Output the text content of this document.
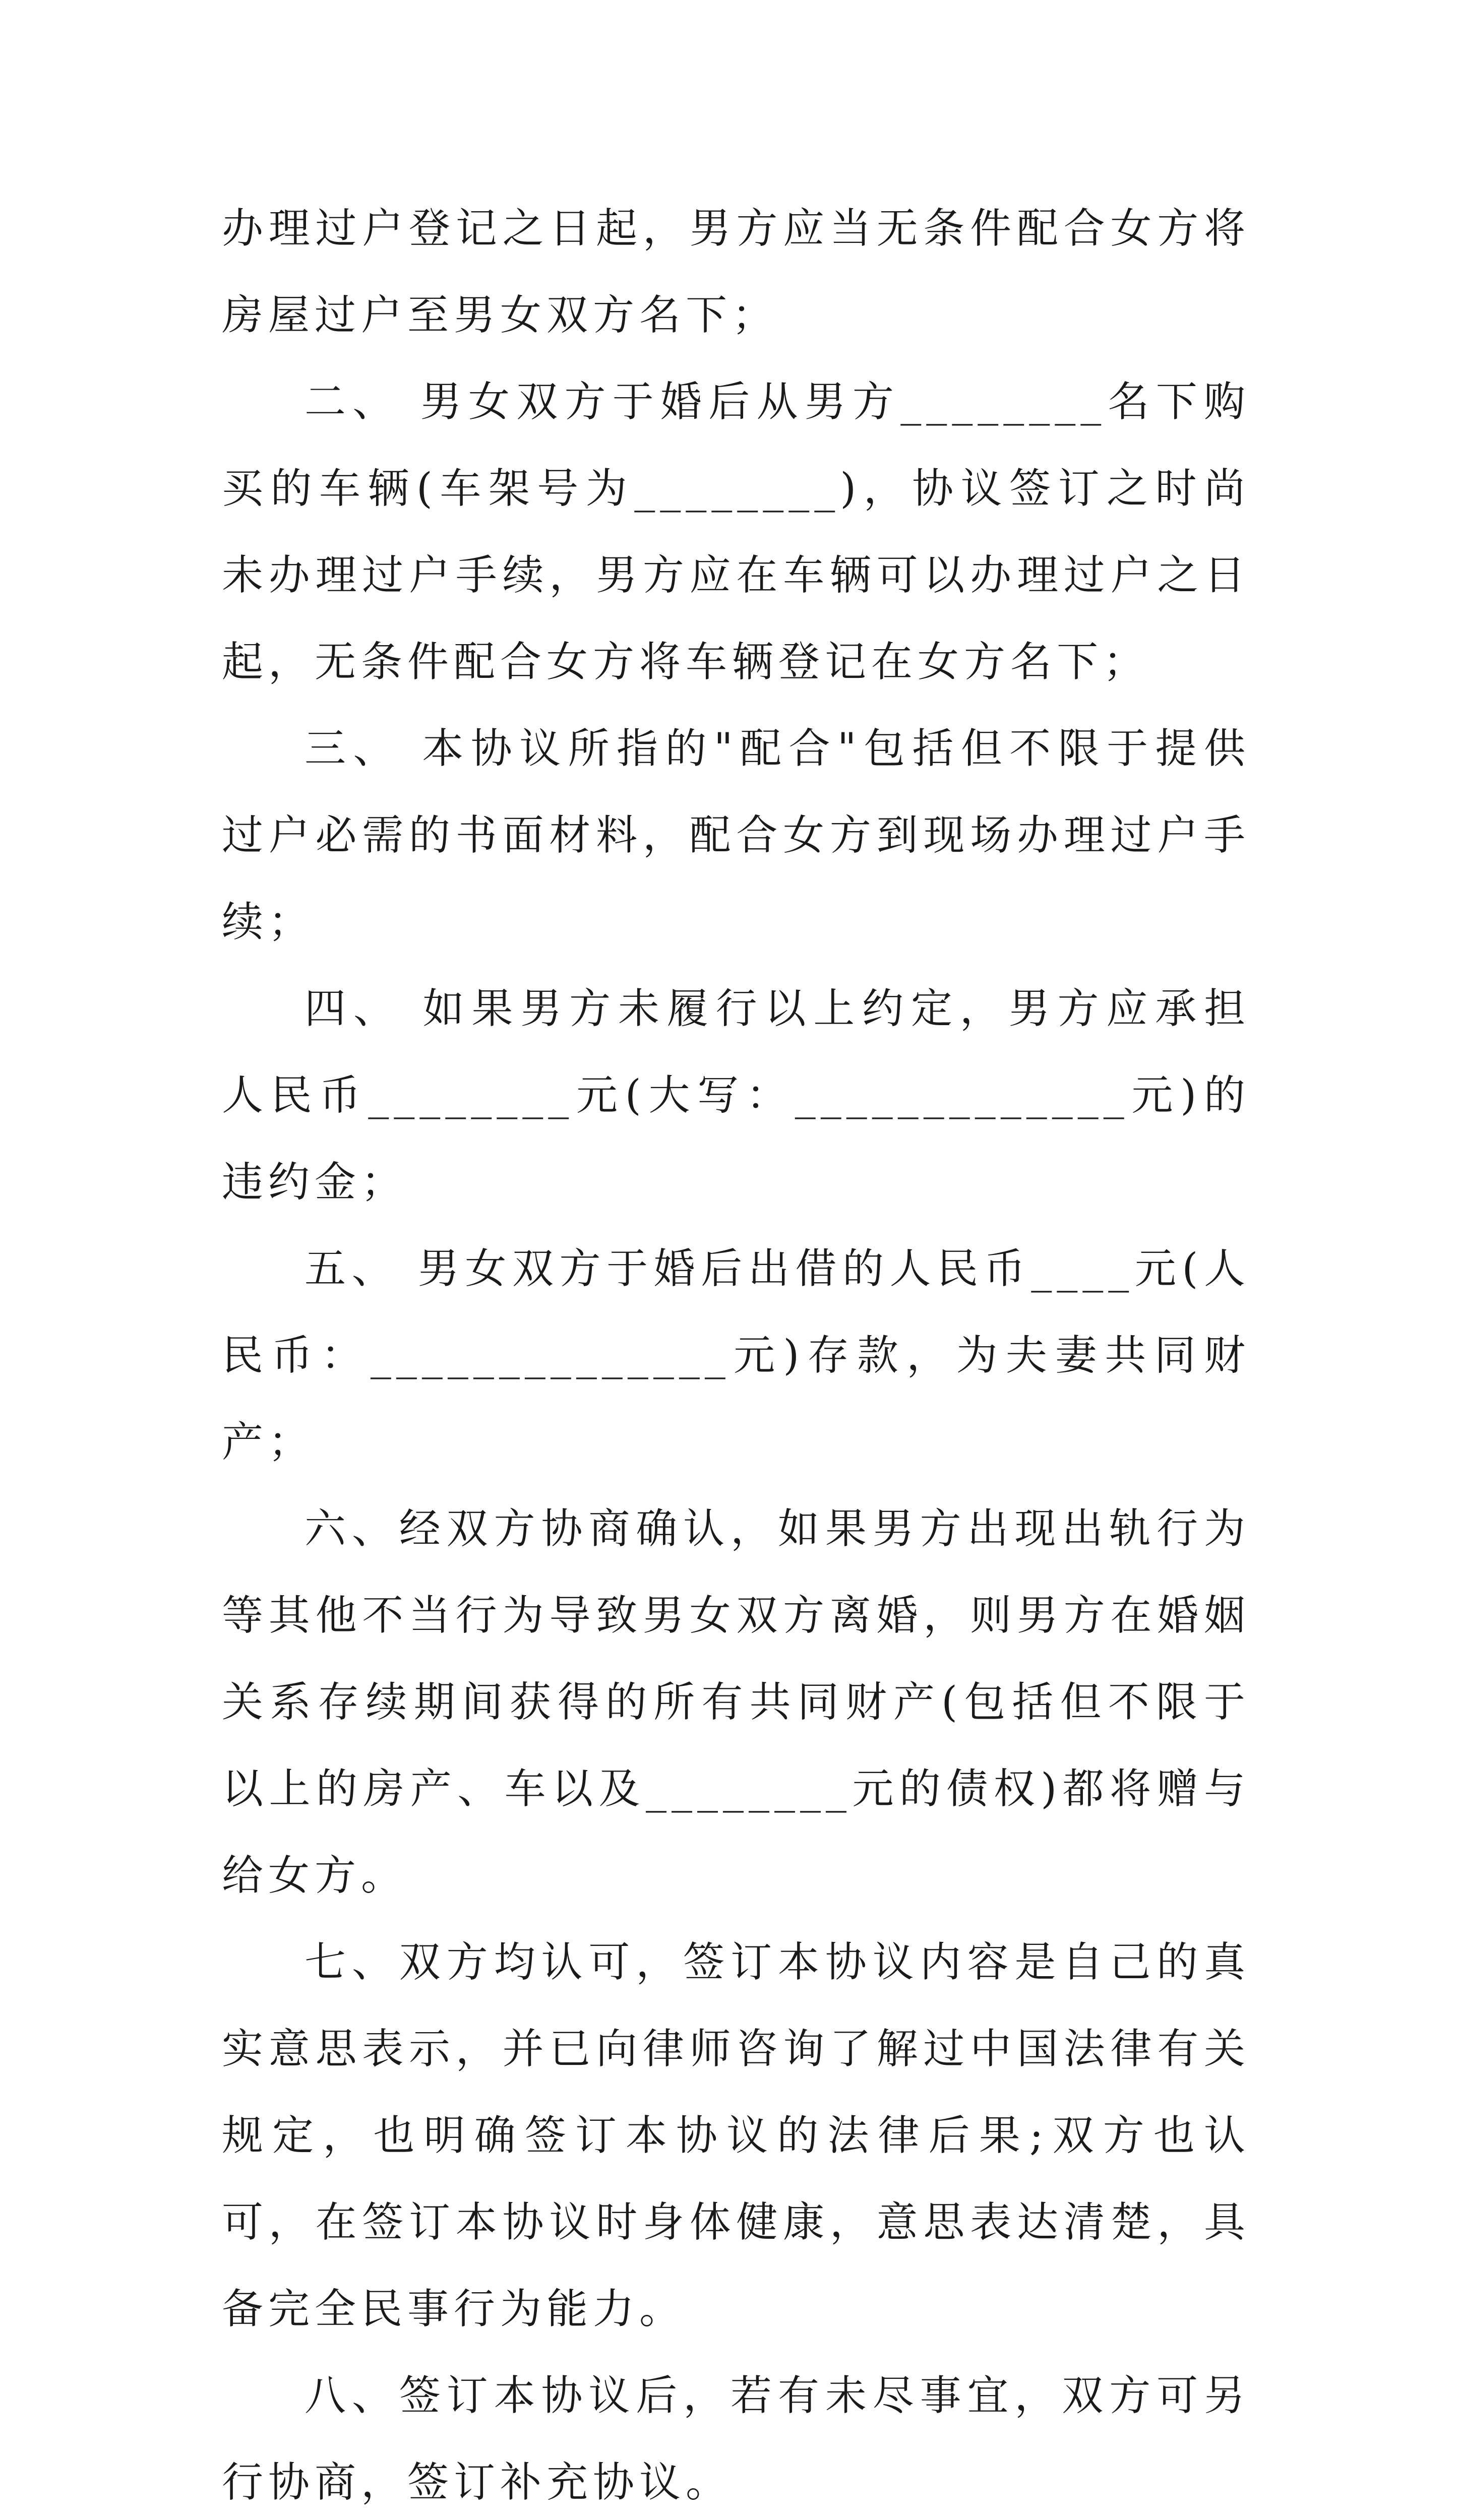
办理过户登记之日起，男方应当无条件配合女方将房屋过户至男女双方名下；

二、 男女双方于婚后从男方________名下购买的车辆(车架号为________)，协议签订之时尚未办理过户手续，男方应在车辆可以办理过户之日起，无条件配合女方将车辆登记在女方名下；

三、 本协议所指的"配合"包括但不限于提供过户必需的书面材料，配合女方到现场办理过户手续；

四、 如果男方未履行以上约定，男方应承担人民币________元(大写：_____________元)的违约金；

五、 男女双方于婚后出借的人民币____元(人民币：______________元)存款，为夫妻共同财产；

六、经双方协商确认，如果男方出现出轨行为等其他不当行为导致男女双方离婚，则男方在婚姻关系存续期间获得的所有共同财产(包括但不限于以上的房产、车以及________元的债权)都将赠与给女方。

七、双方均认可，签订本协议内容是自己的真实意思表示，并已向律师咨询了解过中国法律有关规定，也明确签订本协议的法律后果;双方也认可，在签订本协议时身体健康，意思表达清楚，具备完全民事行为能力。

八、签订本协议后，若有未尽事宜，双方可另行协商，签订补充协议。
